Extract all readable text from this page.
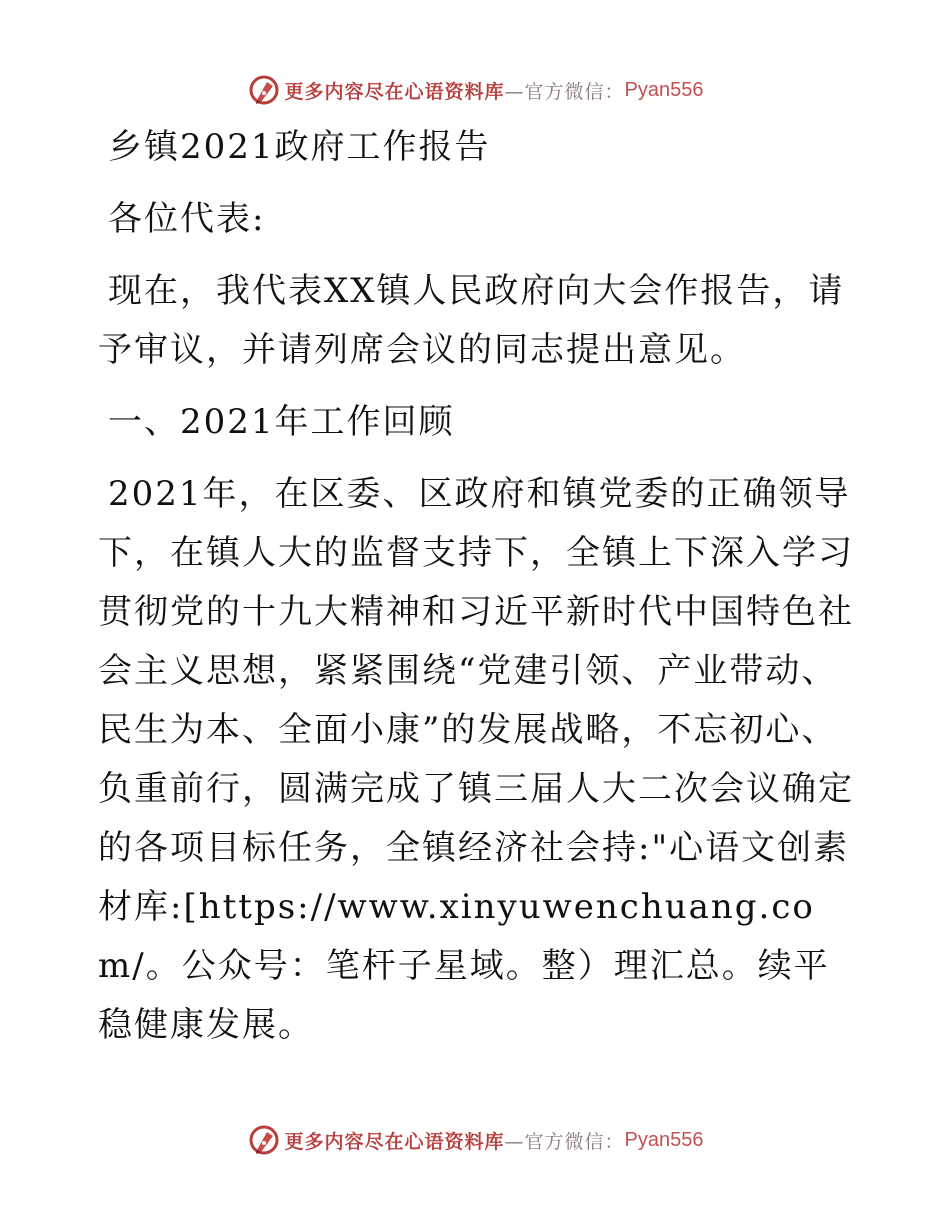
更多内容尽在心语资料库 —官方微信： Pyan556

乡镇2021政府工作报告

各位代表:

现在，我代表XX镇人民政府向大会作报告，请予审议，并请列席会议的同志提出意见。

一、2021年工作回顾

2021年，在区委、区政府和镇党委的正确领导下，在镇人大的监督支持下，全镇上下深入学习贯彻党的十九大精神和习近平新时代中国特色社会主义思想，紧紧围绕“党建引领、产业带动、民生为本、全面小康”的发展战略，不忘初心、负重前行，圆满完成了镇三届人大二次会议确定的各项目标任务，全镇经济社会持:"心语文创素材库:[https://www.xinyuwenchuang.com/。公众号：笔杆子星域。整）理汇总。续平稳健康发展。

更多内容尽在心语资料库 —官方微信： Pyan556
